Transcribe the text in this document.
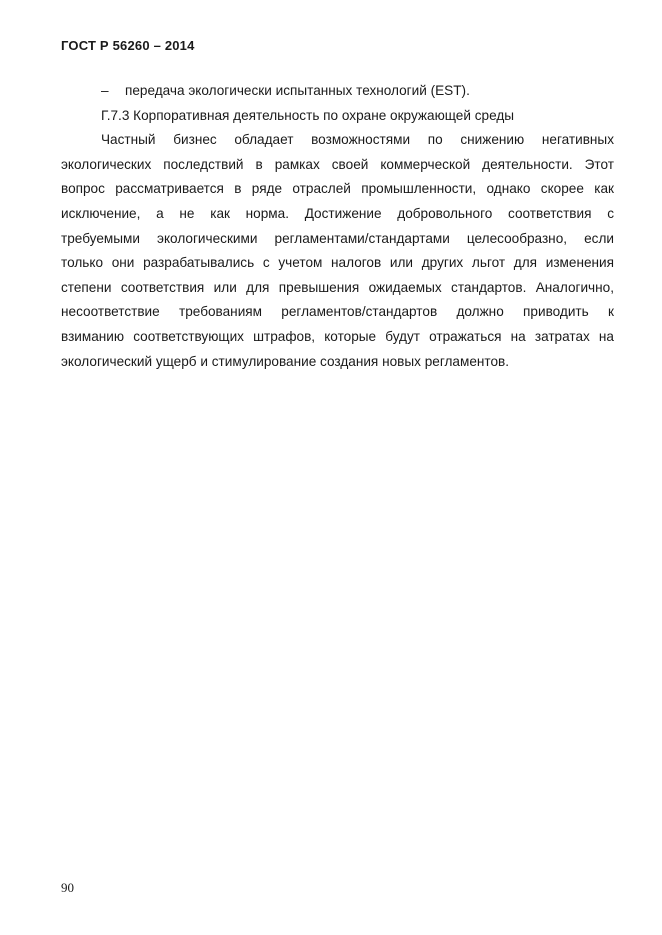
ГОСТ Р 56260 – 2014

– передача экологически испытанных технологий (EST).

Г.7.3 Корпоративная деятельность по охране окружающей среды

Частный бизнес обладает возможностями по снижению негативных
экологических последствий в рамках своей коммерческой деятельности. Этот
вопрос рассматривается в ряде отраслей промышленности, однако скорее как
исключение, а не как норма. Достижение добровольного соответствия с
требуемыми экологическими регламентами/стандартами целесообразно, если
только они разрабатывались с учетом налогов или других льгот для изменения
степени соответствия или для превышения ожидаемых стандартов. Аналогично,
несоответствие требованиям регламентов/стандартов должно приводить к
взиманию соответствующих штрафов, которые будут отражаться на затратах на
экологический ущерб и стимулирование создания новых регламентов.
90
